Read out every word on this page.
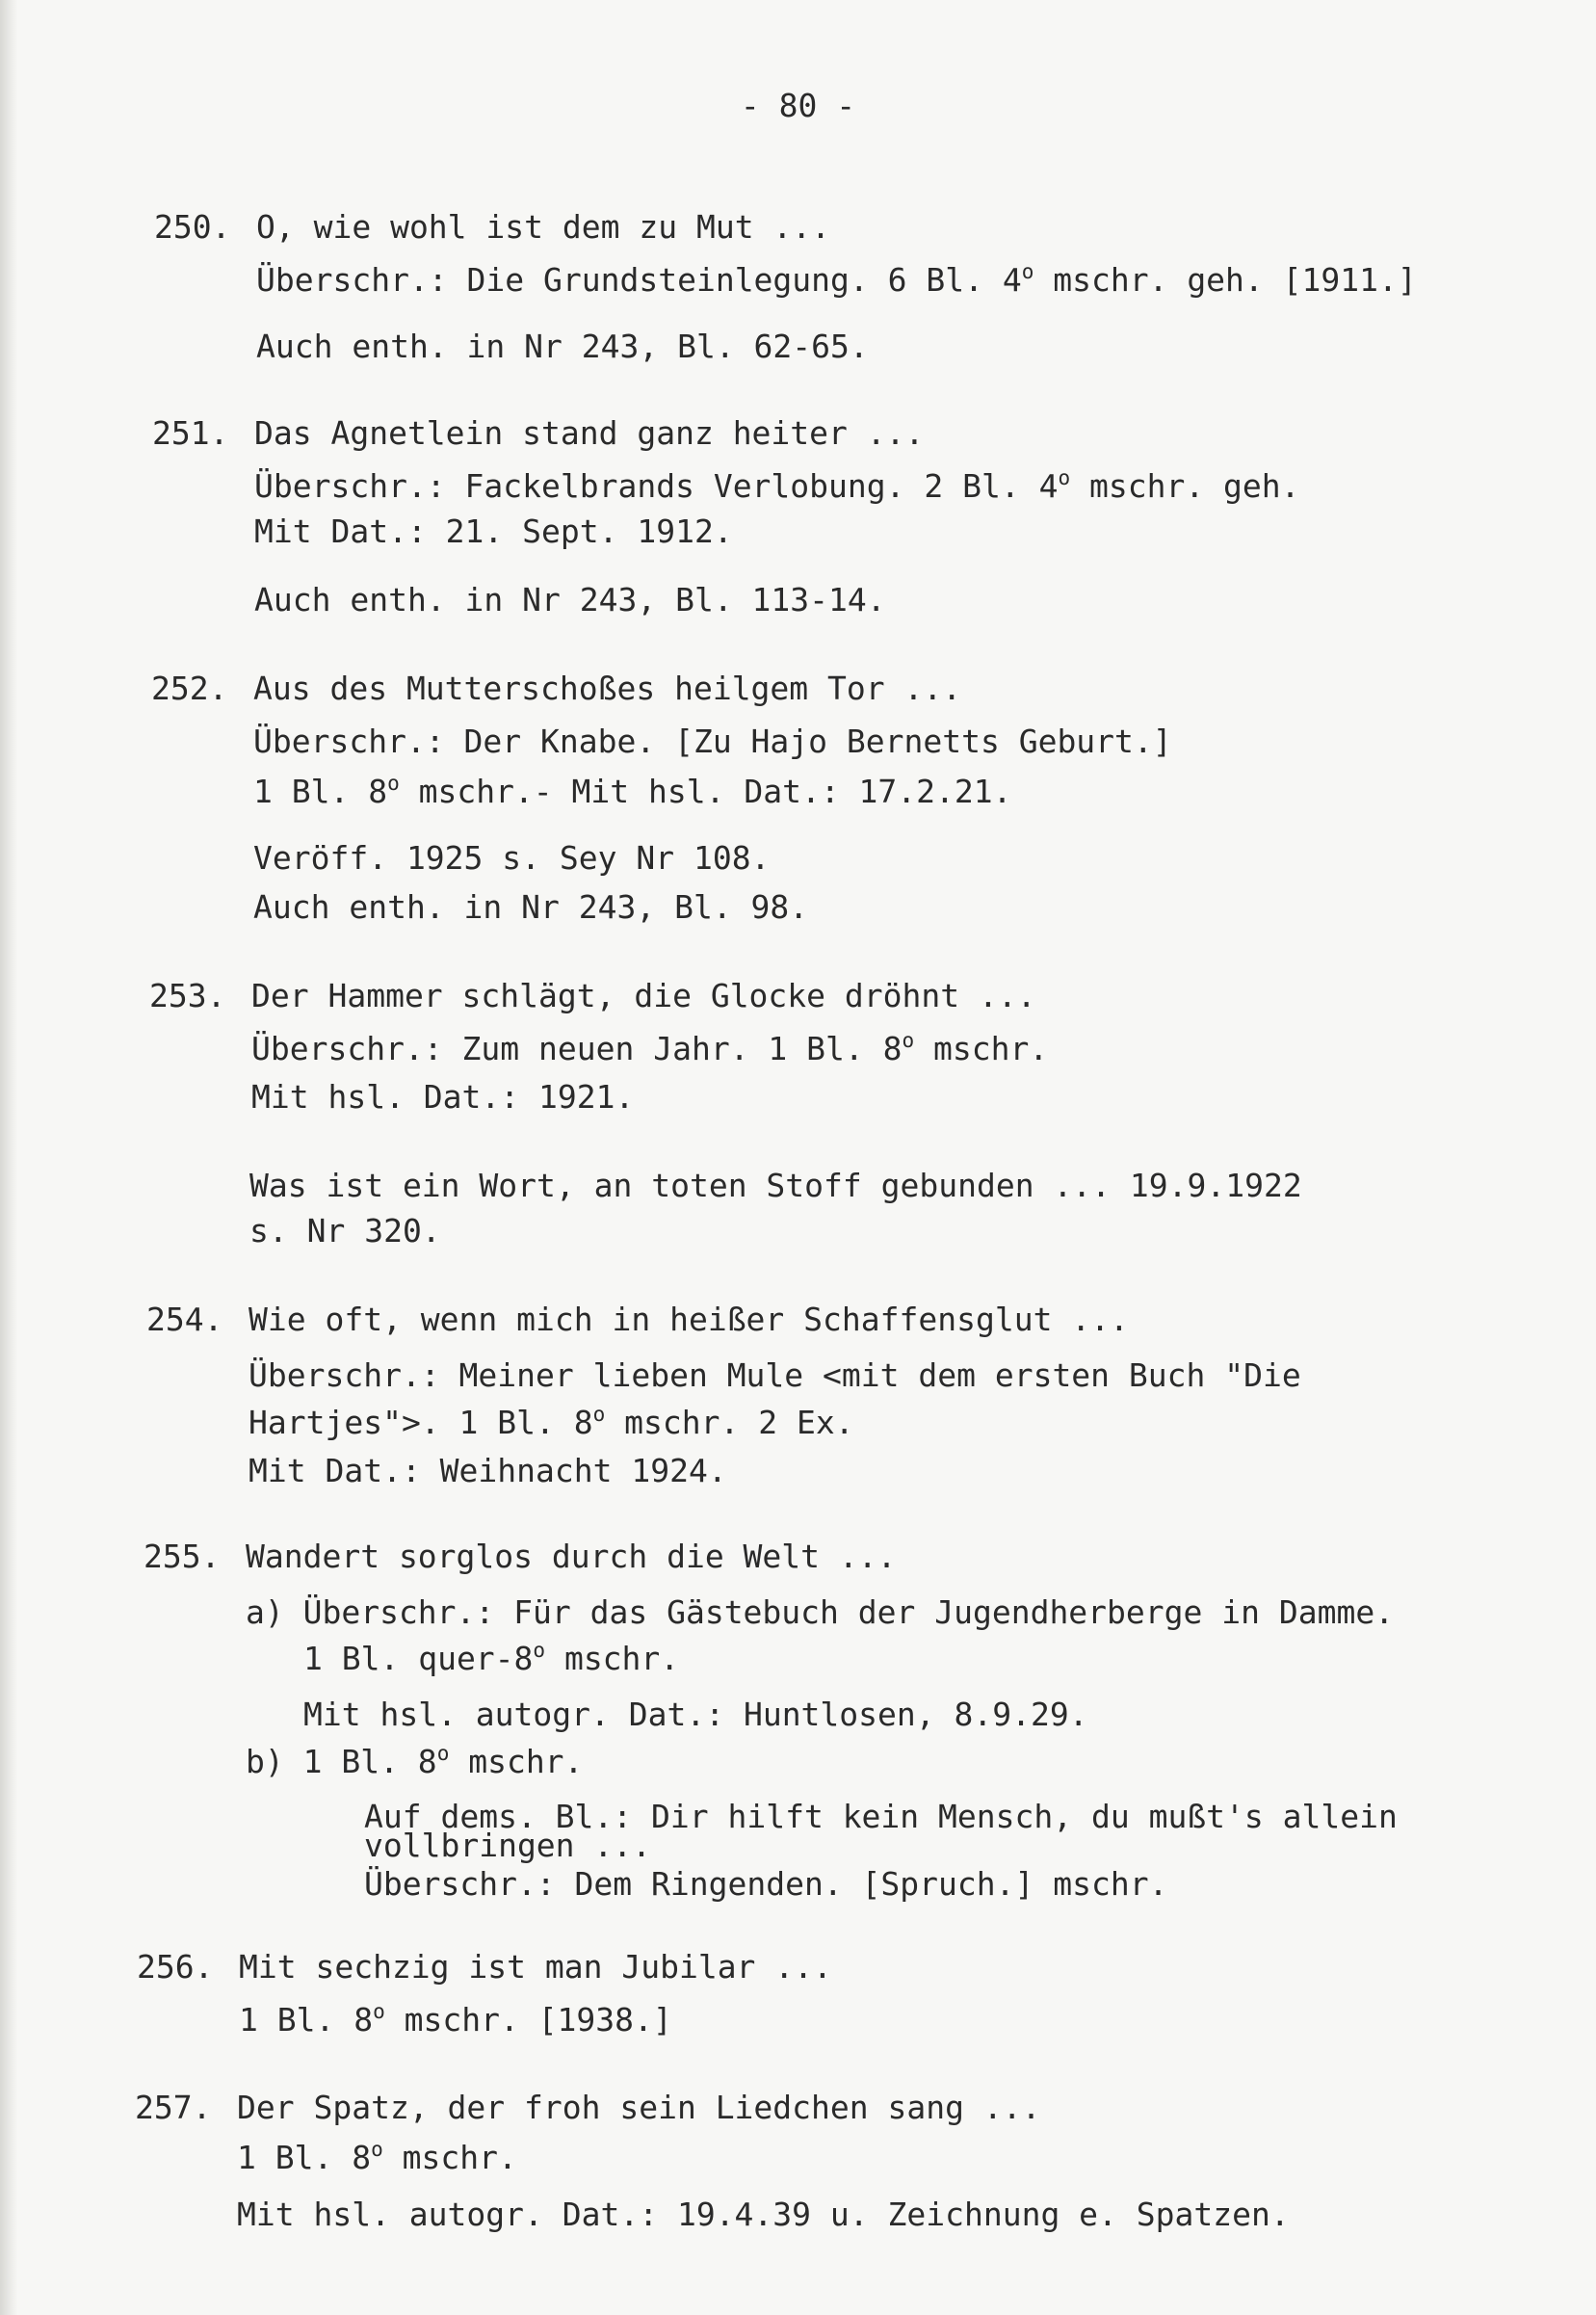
- 80 -
250. O, wie wohl ist dem zu Mut ...
Überschr.: Die Grundsteinlegung. 6 Bl. 4$^o$ mschr. geh. [1911.]
Auch enth. in Nr 243, Bl. 62-65.
251. Das Agnetlein stand ganz heiter ...
Überschr.: Fackelbrands Verlobung. 2 Bl. 4$^o$ mschr. geh.
Mit Dat.: 21. Sept. 1912.
Auch enth. in Nr 243, Bl. 113-14.
252. Aus des Mutterschoßes heilgem Tor ...
Überschr.: Der Knabe. [Zu Hajo Bernetts Geburt.]
1 Bl. 8$^o$ mschr.- Mit hsl. Dat.: 17.2.21.
Veröff. 1925 s. Sey Nr 108.
Auch enth. in Nr 243, Bl. 98.
253. Der Hammer schlägt, die Glocke dröhnt ...
Überschr.: Zum neuen Jahr. 1 Bl. 8$^o$ mschr.
Mit hsl. Dat.: 1921.
Was ist ein Wort, an toten Stoff gebunden ... 19.9.1922
s. Nr 320.
254. Wie oft, wenn mich in heißer Schaffensglut ...
Überschr.: Meiner lieben Mule <mit dem ersten Buch "Die
Hartjes">. 1 Bl. 8$^o$ mschr. 2 Ex.
Mit Dat.: Weihnacht 1924.
255. Wandert sorglos durch die Welt ...
a) Überschr.: Für das Gästebuch der Jugendherberge in Damme.
1 Bl. quer-8$^o$ mschr.
Mit hsl. autogr. Dat.: Huntlosen, 8.9.29.
b) 1 Bl. 8$^o$ mschr.
Auf dems. Bl.: Dir hilft kein Mensch, du mußt's allein
vollbringen ...
Überschr.: Dem Ringenden. [Spruch.] mschr.
256. Mit sechzig ist man Jubilar ...
1 Bl. 8$^o$ mschr. [1938.]
257. Der Spatz, der froh sein Liedchen sang ...
1 Bl. 8$^o$ mschr.
Mit hsl. autogr. Dat.: 19.4.39 u. Zeichnung e. Spatzen.
